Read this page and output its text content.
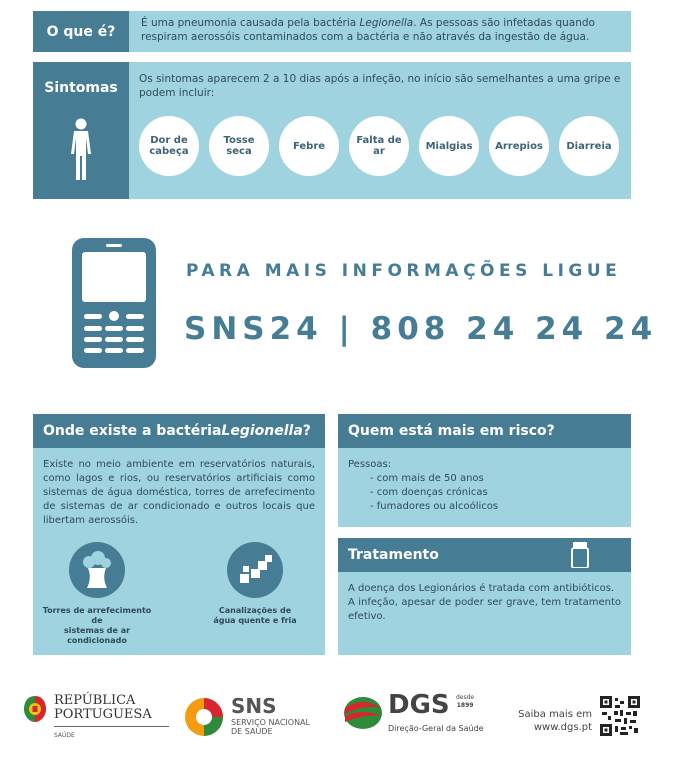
O que é?
É uma pneumonia causada pela bactéria Legionella. As pessoas são infetadas quando respiram aerossóis contaminados com a bactéria e não através da ingestão de água.
Sintomas
Os sintomas aparecem 2 a 10 dias após a infeção, no início são semelhantes a uma gripe e podem incluir:
Dor de
cabeça
Tosse
seca	Febre	Falta de
ar	Mialgias Arrepios Diarreia
PARA MAIS INFORMAÇÕES LIGUE
SNS24 | 808 24 24 24
Onde existe a bactéria Legionella ?
Existe no meio ambiente em reservatórios naturais, como lagos e rios, ou reservatórios artificiais como sistemas de água doméstica, torres de arrefecimento de sistemas de ar condicionado e outros locais que libertam aerossóis.
Torres de arrefecimento de
sistemas de ar condicionado
Canalizações de
água quente e fria
Quem está mais em risco?
Pessoas:
- com mais de 50 anos
- com doenças crónicas
- fumadores ou alcoólicos
Tratamento
A doença dos Legionários é tratada com antibióticos.
A infeção, apesar de poder ser grave, tem tratamento efetivo.
REPÚBLICA
PORTUGUESA
SAÚDE
SNS
SERVIÇO NACIONAL
DE SAÚDE
DGS desde
1899
Direção-Geral da Saúde
Saiba mais em
www.dgs.pt
